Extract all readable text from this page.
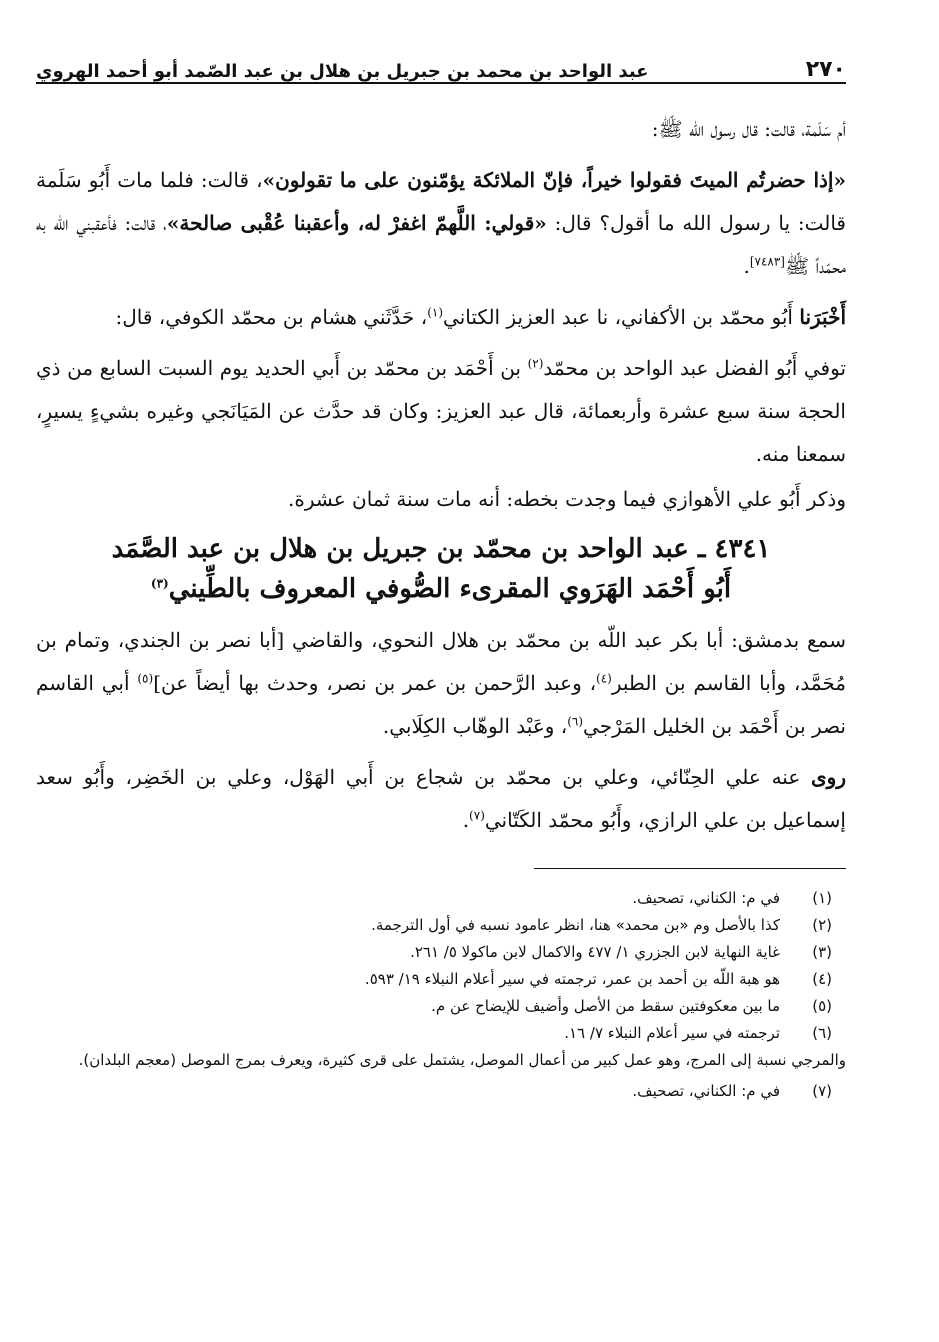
٢٧٠
عبد الواحد بن محمد بن جبريل بن هلال بن عبد الصّمد أبو أحمد الهروي

أم سَلَمة، قالت: قال رسول الله ﷺ:

«إذا حضرتُم الميتَ فقولوا خيراً، فإنّ الملائكة يؤمّنون على ما تقولون»، قالت: فلما مات أَبُو سَلَمة قالت: يا رسول الله ما أقول؟ قال: «قولي: اللَّهمّ اغفرْ له، وأعقبنا عُقْبى صالحة»، قالت: فأعقبني الله به محمّداً ﷺ[٧٤٨٣].

أَخْبَرَنا أَبُو محمّد بن الأكفاني، نا عبد العزيز الكتاني$^{(١)}$، حَدَّثَني هشام بن محمّد الكوفي، قال:

توفي أَبُو الفضل عبد الواحد بن محمّد$^{(٢)}$ بن أَحْمَد بن محمّد بن أَبي الحديد يوم السبت السابع من ذي الحجة سنة سبع عشرة وأربعمائة، قال عبد العزيز: وكان قد حدَّث عن المَيَانَجي وغيره بشيءٍ يسيرٍ، سمعنا منه.

وذكر أَبُو علي الأهوازي فيما وجدت بخطه: أنه مات سنة ثمان عشرة.

٤٣٤١ ـ عبد الواحد بن محمّد بن جبريل بن هلال بن عبد الصَّمَد
أَبُو أَحْمَد الهَرَوي المقرىء الصُّوفي المعروف بالطِّيني$^{(٣)}$

سمع بدمشق: أبا بكر عبد اللّه بن محمّد بن هلال النحوي، والقاضي [أبا نصر بن الجندي، وتمام بن مُحَمَّد، وأبا القاسم بن الطبر$^{(٤)}$، وعبد الرَّحمن بن عمر بن نصر، وحدث بها أيضاً عن]$^{(٥)}$ أبي القاسم نصر بن أَحْمَد بن الخليل المَرْجي$^{(٦)}$، وعَبْد الوهّاب الكِلَابي.

روى عنه علي الحِنّائي، وعلي بن محمّد بن شجاع بن أَبي الهَوْل، وعلي بن الخَضِر، وأَبُو سعد إسماعيل بن علي الرازي، وأَبُو محمّد الكَتّاني$^{(٧)}$.

(١)
في م: الكناني، تصحيف.
(٢)
كذا بالأصل وم «بن محمد» هنا، انظر عامود نسبه في أول الترجمة.
(٣)
غاية النهاية لابن الجزري ١/ ٤٧٧ والاكمال لابن ماكولا ٥/ ٢٦١.
(٤)
هو هبة اللّه بن أحمد بن عمر، ترجمته في سير أعلام النبلاء ١٩/ ٥٩٣.
(٥)
ما بين معكوفتين سقط من الأصل وأضيف للإيضاح عن م.
(٦)
ترجمته في سير أعلام النبلاء ٧/ ١٦.
والمرجي نسبة إلى المرج، وهو عمل كبير من أعمال الموصل، يشتمل على قرى كثيرة، ويعرف بمرج الموصل (معجم البلدان).
(٧)
في م: الكناني، تصحيف.
